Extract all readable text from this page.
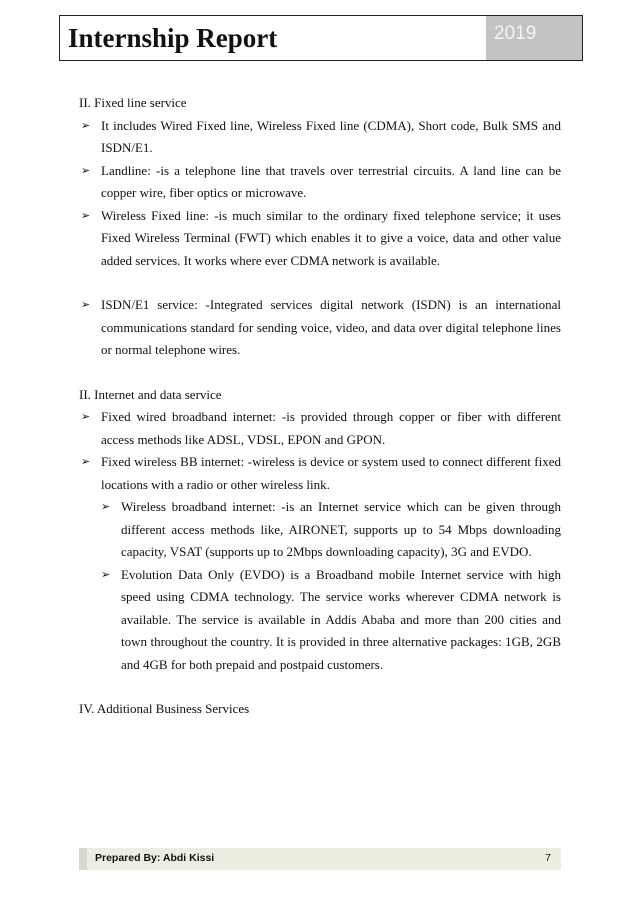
Internship Report	2019

II. Fixed line service

➢ It includes Wired Fixed line, Wireless Fixed line (CDMA), Short code, Bulk SMS and ISDN/E1.
➢ Landline: -is a telephone line that travels over terrestrial circuits. A land line can be copper wire, fiber optics or microwave.
➢ Wireless Fixed line: -is much similar to the ordinary fixed telephone service; it uses Fixed Wireless Terminal (FWT) which enables it to give a voice, data and other value added services. It works where ever CDMA network is available.
➢ ISDN/E1 service: -Integrated services digital network (ISDN) is an international communications standard for sending voice, video, and data over digital telephone lines or normal telephone wires.

II. Internet and data service

➢ Fixed wired broadband internet: -is provided through copper or fiber with different access methods like ADSL, VDSL, EPON and GPON.
➢ Fixed wireless BB internet: -wireless is device or system used to connect different fixed locations with a radio or other wireless link.
➢ Wireless broadband internet: -is an Internet service which can be given through different access methods like, AIRONET, supports up to 54 Mbps downloading capacity, VSAT (supports up to 2Mbps downloading capacity), 3G and EVDO.
➢ Evolution Data Only (EVDO) is a Broadband mobile Internet service with high speed using CDMA technology. The service works wherever CDMA network is available. The service is available in Addis Ababa and more than 200 cities and town throughout the country. It is provided in three alternative packages: 1GB, 2GB and 4GB for both prepaid and postpaid customers.

IV. Additional Business Services

Prepared By: Abdi Kissi	7
